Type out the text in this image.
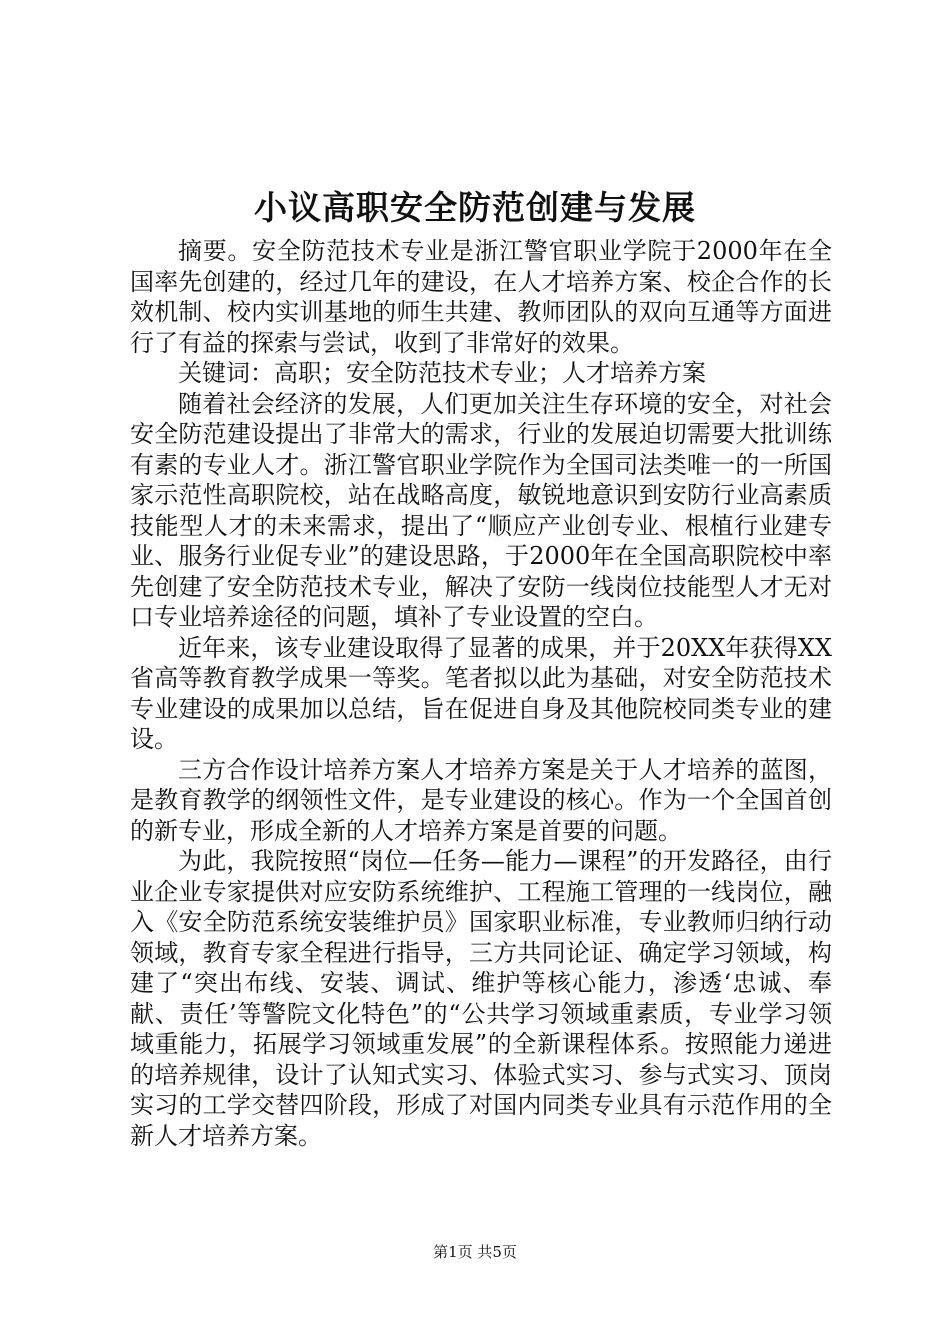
小议高职安全防范创建与发展

摘要。安全防范技术专业是浙江警官职业学院于2000年在全国率先创建的，经过几年的建设，在人才培养方案、校企合作的长效机制、校内实训基地的师生共建、教师团队的双向互通等方面进行了有益的探索与尝试，收到了非常好的效果。

关键词：高职；安全防范技术专业；人才培养方案

随着社会经济的发展，人们更加关注生存环境的安全，对社会安全防范建设提出了非常大的需求，行业的发展迫切需要大批训练有素的专业人才。浙江警官职业学院作为全国司法类唯一的一所国家示范性高职院校，站在战略高度，敏锐地意识到安防行业高素质技能型人才的未来需求，提出了“顺应产业创专业、根植行业建专业、服务行业促专业”的建设思路，于2000年在全国高职院校中率先创建了安全防范技术专业，解决了安防一线岗位技能型人才无对口专业培养途径的问题，填补了专业设置的空白。

近年来，该专业建设取得了显著的成果，并于20XX年获得XX省高等教育教学成果一等奖。笔者拟以此为基础，对安全防范技术专业建设的成果加以总结，旨在促进自身及其他院校同类专业的建设。

三方合作设计培养方案人才培养方案是关于人才培养的蓝图，是教育教学的纲领性文件，是专业建设的核心。作为一个全国首创的新专业，形成全新的人才培养方案是首要的问题。

为此，我院按照“岗位—任务—能力—课程”的开发路径，由行业企业专家提供对应安防系统维护、工程施工管理的一线岗位，融入《安全防范系统安装维护员》国家职业标准，专业教师归纳行动领域，教育专家全程进行指导，三方共同论证、确定学习领域，构建了“突出布线、安装、调试、维护等核心能力，渗透‘忠诚、奉献、责任’等警院文化特色”的“公共学习领域重素质，专业学习领域重能力，拓展学习领域重发展”的全新课程体系。按照能力递进的培养规律，设计了认知式实习、体验式实习、参与式实习、顶岗实习的工学交替四阶段，形成了对国内同类专业具有示范作用的全新人才培养方案。

第1页 共5页
